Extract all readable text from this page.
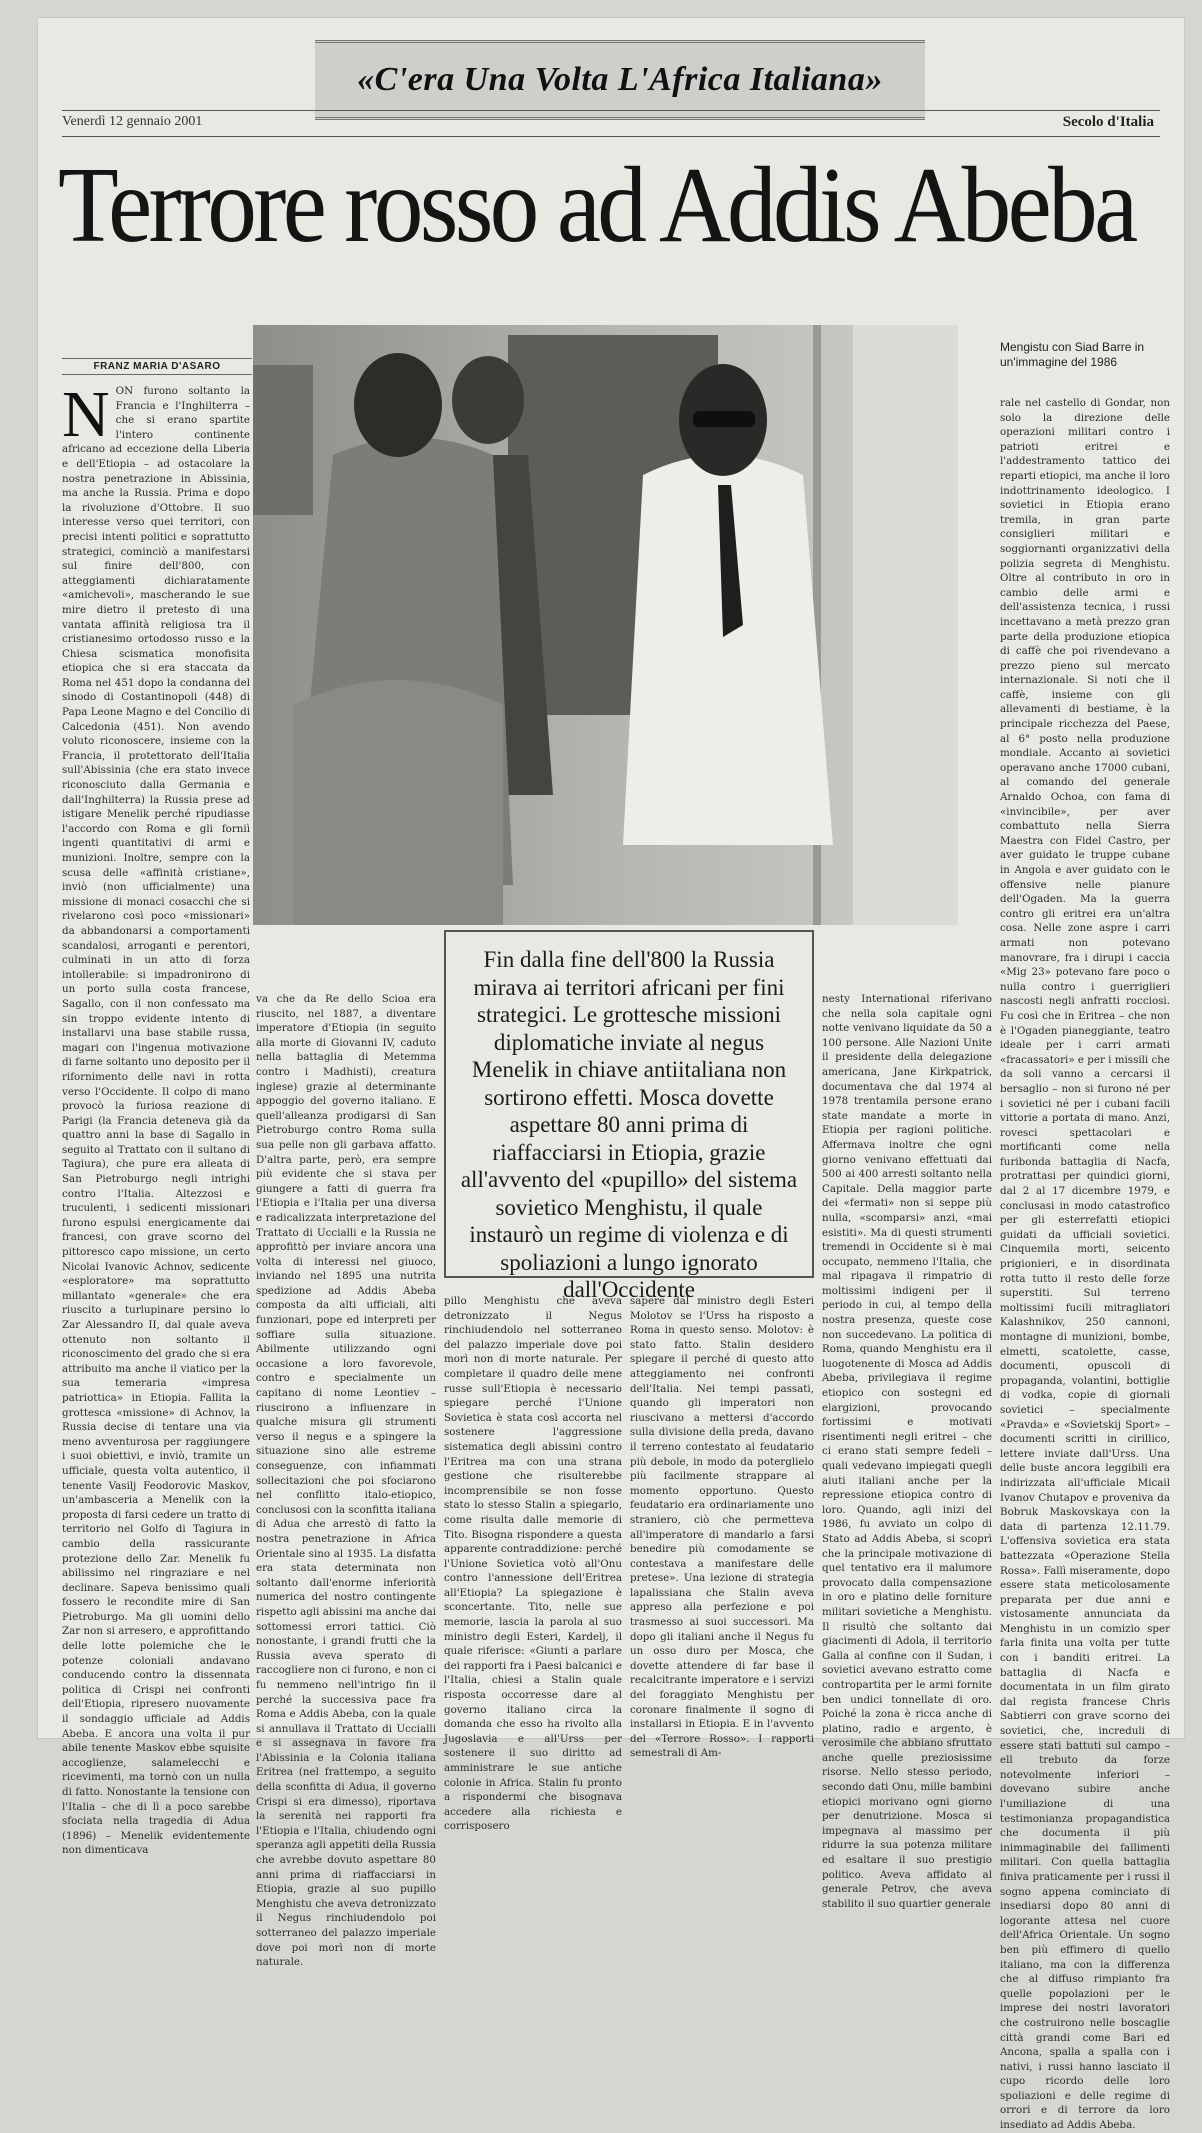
«C'era Una Volta L'Africa Italiana»
Venerdì 12 gennaio 2001	Secolo d'Italia
Terrore rosso ad Addis Abeba
Mengistu con Siad Barre in un'immagine del 1986
FRANZ MARIA D'ASARO
N ON furono soltanto la Francia e l'Inghilterra – che si erano spartite l'intero continente africano ad eccezione della Liberia e dell'Etiopia – ad ostacolare la nostra penetrazione in Abissinia, ma anche la Russia. Prima e dopo la rivoluzione d'Ottobre. Il suo interesse verso quei territori, con precisi intenti politici e soprattutto strategici, cominciò a manifestarsi sul finire dell'800, con atteggiamenti dichiaratamente «amichevoli», mascherando le sue mire dietro il pretesto di una vantata affinità religiosa tra il cristianesimo ortodosso russo e la Chiesa scismatica monofisita etiopica che si era staccata da Roma nel 451 dopo la condanna del sinodo di Costantinopoli (448) di Papa Leone Magno e del Concilio di Calcedonia (451). Non avendo voluto riconoscere, insieme con la Francia, il protettorato dell'Italia sull'Abissinia (che era stato invece riconosciuto dalla Germania e dall'Inghilterra) la Russia prese ad istigare Menelik perché ripudiasse l'accordo con Roma e gli forniì ingenti quantitativi di armi e munizioni. Inoltre, sempre con la scusa delle «affinità cristiane», inviò (non ufficialmente) una missione di monaci cosacchi che si rivelarono così poco «missionari» da abbandonarsi a comportamenti scandalosi, arroganti e perentori, culminati in un atto di forza intollerabile: si impadronirono di un porto sulla costa francese, Sagallo, con il non confessato ma sin troppo evidente intento di installarvi una base stabile russa, magari con l'ingenua motivazione di farne soltanto uno deposito per il rifornimento delle navi in rotta verso l'Occidente. Il colpo di mano provocò la furiosa reazione di Parigi (la Francia deteneva già da quattro anni la base di Sagallo in seguito al Trattato con il sultano di Tagiura), che pure era alleata di San Pietroburgo negli intrighi contro l'Italia. Altezzosi e truculenti, i sedicenti missionari furono espulsi energicamente dai francesi, con grave scorno del pittoresco capo missione, un certo Nicolai Ivanovic Achnov, sedicente «esploratore» ma soprattutto millantato «generale» che era riuscito a turlupinare persino lo Zar Alessandro II, dal quale aveva ottenuto non soltanto il riconoscimento del grado che si era attribuito ma anche il viatico per la sua temeraria «impresa patriottica» in Etiopia. Fallita la grottesca «missione» di Achnov, la Russia decise di tentare una via meno avventurosa per raggiungere i suoi obiettivi, e inviò, tramite un ufficiale, questa volta autentico, il tenente Vasilj Feodorovic Maskov, un'ambasceria a Menelik con la proposta di farsi cedere un tratto di territorio nel Golfo di Tagiura in cambio della rassicurante protezione dello Zar. Menelik fu abilissimo nel ringraziare e nel declinare. Sapeva benissimo quali fossero le recondite mire di San Pietroburgo. Ma gli uomini dello Zar non si arresero, e approfittando delle lotte polemiche che le potenze coloniali andavano conducendo contro la dissennata politica di Crispi nei confronti dell'Etiopia, ripresero nuovamente il sondaggio ufficiale ad Addis Abeba. E ancora una volta il pur abile tenente Maskov ebbe squisite accoglienze, salamelecchi e ricevimenti, ma tornò con un nulla di fatto. Nonostante la tensione con l'Italia – che di lì a poco sarebbe sfociata nella tragedia di Adua (1896) – Menelik evidentemente non dimenticava
va che da Re dello Scioa era riuscito, nel 1887, a diventare imperatore d'Etiopia (in seguito alla morte di Giovanni IV, caduto nella battaglia di Metemma contro i Madhisti), creatura inglese) grazie al determinante appoggio del governo italiano. E quell'alleanza prodigarsi di San Pietroburgo contro Roma sulla sua pelle non gli garbava affatto. D'altra parte, però, era sempre più evidente che si stava per giungere a fatti di guerra fra l'Etiopia e l'Italia per una diversa e radicalizzata interpretazione del Trattato di Uccialli e la Russia ne approfittò per inviare ancora una volta di interessi nel giuoco, inviando nel 1895 una nutrita spedizione ad Addis Abeba composta da alti ufficiali, alti funzionari, pope ed interpreti per soffiare sulla situazione. Abilmente utilizzando ogni occasione a loro favorevole, contro e specialmente un capitano di nome Leontiev – riuscirono a influenzare in qualche misura gli strumenti verso il negus e a spingere la situazione sino alle estreme conseguenze, con infiammati sollecitazioni che poi sfociarono nel conflitto italo-etiopico, conclusosi con la sconfitta italiana di Adua che arrestò di fatto la nostra penetrazione in Africa Orientale sino al 1935. La disfatta era stata determinata non soltanto dall'enorme inferiorità numerica del nostro contingente rispetto agli abissini ma anche dai sottomessi errori tattici. Ciò nonostante, i grandi frutti che la Russia aveva sperato di raccogliere non ci furono, e non ci fu nemmeno nell'intrigo fin il perché la successiva pace fra Roma e Addis Abeba, con la quale si annullava il Trattato di Uccialli e si assegnava in favore fra l'Abissinia e la Colonia italiana Eritrea (nel frattempo, a seguito della sconfitta di Adua, il governo Crispi si era dimesso), riportava la serenità nei rapporti fra l'Etiopia e l'Italia, chiudendo ogni speranza agli appetiti della Russia che avrebbe dovuto aspettare 80 anni prima di riaffacciarsi in Etiopia, grazie al suo pupillo Menghistu che aveva detronizzato il Negus rinchiudendolo poi sotterraneo del palazzo imperiale dove poi morì non di morte naturale.
Fin dalla fine dell'800 la Russia mirava ai territori africani per fini strategici. Le grottesche missioni diplomatiche inviate al negus Menelik in chiave antiitaliana non sortirono effetti. Mosca dovette aspettare 80 anni prima di riaffacciarsi in Etiopia, grazie all'avvento del «pupillo» del sistema sovietico Menghistu, il quale instaurò un regime di violenza e di spoliazioni a lungo ignorato dall'Occidente
pillo Menghistu che aveva detronizzato il Negus rinchiudendolo nel sotterraneo del palazzo imperiale dove poi morì non di morte naturale. Per completare il quadro delle mene russe sull'Etiopia è necessario spiegare perché l'Unione Sovietica è stata così accorta nel sostenere l'aggressione sistematica degli abissini contro l'Eritrea ma con una strana gestione che risulterebbe incomprensibile se non fosse stato lo stesso Stalin a spiegarlo, come risulta dalle memorie di Tito. Bisogna rispondere a questa apparente contraddizione: perché l'Unione Sovietica votò all'Onu contro l'annessione dell'Eritrea all'Etiopia? La spiegazione è sconcertante. Tito, nelle sue memorie, lascia la parola al suo ministro degli Esteri, Kardelj, il quale riferisce: «Giunti a parlare dei rapporti fra i Paesi balcanici e l'Italia, chiesi a Stalin quale risposta occorresse dare al governo italiano circa la domanda che esso ha rivolto alla Jugoslavia e all'Urss per sostenere il suo diritto ad amministrare le sue antiche colonie in Africa. Stalin fu pronto a rispondermi che bisognava accedere alla richiesta e corrisposero
sapere dal ministro degli Esteri Molotov se l'Urss ha risposto a Roma in questo senso. Molotov: è stato fatto. Stalin desidero spiegare il perché di questo atto atteggiamento nei confronti dell'Italia. Nei tempi passati, quando gli imperatori non riuscivano a mettersi d'accordo sulla divisione della preda, davano il terreno contestato al feudatario più debole, in modo da poterglielo più facilmente strappare al momento opportuno. Questo feudatario era ordinariamente uno straniero, ciò che permetteva all'imperatore di mandarlo a farsi benedire più comodamente se contestava a manifestare delle pretese». Una lezione di strategia lapalissiana che Stalin aveva appreso alla perfezione e poi trasmesso ai suoi successori. Ma dopo gli italiani anche il Negus fu un osso duro per Mosca, che dovette attendere di far base il recalcitrante imperatore e i servizi del foraggiato Menghistu per coronare finalmente il sogno di installarsi in Etiopia. E in l'avvento del «Terrore Rosso». I rapporti semestrali di Am-
nesty International riferivano che nella sola capitale ogni notte venivano liquidate da 50 a 100 persone. Alle Nazioni Unite il presidente della delegazione americana, Jane Kirkpatrick, documentava che dal 1974 al 1978 trentamila persone erano state mandate a morte in Etiopia per ragioni politiche. Affermava inoltre che ogni giorno venivano effettuati dai 500 ai 400 arresti soltanto nella Capitale. Della maggior parte dei «fermati» non si seppe più nulla, «scomparsi» anzi, «mai esistiti». Ma di questi strumenti tremendi in Occidente si è mai occupato, nemmeno l'Italia, che mal ripagava il rimpatrio di moltissimi indigeni per il periodo in cui, al tempo della nostra presenza, queste cose non succedevano. La politica di Roma, quando Menghistu era il luogotenente di Mosca ad Addis Abeba, privilegiava il regime etiopico con sostegni ed elargizioni, provocando fortissimi e motivati risentimenti negli eritrei – che ci erano stati sempre fedeli – quali vedevano impiegati quegli aiuti italiani anche per la repressione etiopica contro di loro. Quando, agli inizi del 1986, fu avviato un colpo di Stato ad Addis Abeba, si scoprì che la principale motivazione di quel tentativo era il malumore provocato dalla compensazione in oro e platino delle forniture militari sovietiche a Menghistu. Il risultò che soltanto dai giacimenti di Adola, il territorio Galla al confine con il Sudan, i sovietici avevano estratto come contropartita per le armi fornite ben undici tonnellate di oro. Poiché la zona è ricca anche di platino, radio e argento, è verosimile che abbiano sfruttato anche quelle preziosissime risorse. Nello stesso periodo, secondo dati Onu, mille bambini etiopici morivano ogni giorno per denutrizione. Mosca si impegnava al massimo per ridurre la sua potenza militare ed esaltare il suo prestigio politico. Aveva affidato al generale Petrov, che aveva stabilito il suo quartier generale
rale nel castello di Gondar, non solo la direzione delle operazioni militari contro i patrioti eritrei e l'addestramento tattico dei reparti etiopici, ma anche il loro indottrinamento ideologico. I sovietici in Etiopia erano tremila, in gran parte consiglieri militari e soggiornanti organizzativi della polizia segreta di Menghistu. Oltre al contributo in oro in cambio delle armi e dell'assistenza tecnica, i russi incettavano a metà prezzo gran parte della produzione etiopica di caffè che poi rivendevano a prezzo pieno sul mercato internazionale. Si noti che il caffè, insieme con gli allevamenti di bestiame, è la principale ricchezza del Paese, al 6° posto nella produzione mondiale. Accanto ai sovietici operavano anche 17000 cubani, al comando del generale Arnaldo Ochoa, con fama di «invincibile», per aver combattuto nella Sierra Maestra con Fidel Castro, per aver guidato le truppe cubane in Angola e aver guidato con le offensive nelle pianure dell'Ogaden. Ma la guerra contro gli eritrei era un'altra cosa. Nelle zone aspre i carri armati non potevano manovrare, fra i dirupi i caccia «Mig 23» potevano fare poco o nulla contro i guerriglieri nascosti negli anfratti rocciosi. Fu così che in Eritrea – che non è l'Ogaden pianeggiante, teatro ideale per i carri armati «fracassatori» e per i missili che da soli vanno a cercarsi il bersaglio – non si furono né per i sovietici né per i cubani facili vittorie a portata di mano. Anzi, rovesci spettacolari e mortificanti come nella furibonda battaglia di Nacfa, protrattasi per quindici giorni, dal 2 al 17 dicembre 1979, e conclusasi in modo catastrofico per gli esterrefatti etiopici guidati da ufficiali sovietici. Cinquemila morti, seicento prigionieri, e in disordinata rotta tutto il resto delle forze superstiti. Sul terreno moltissimi fucili mitragliatori Kalashnikov, 250 cannoni, montagne di munizioni, bombe, elmetti, scatolette, casse, documenti, opuscoli di propaganda, volantini, bottiglie di vodka, copie di giornali sovietici – specialmente «Pravda» e «Sovietskij Sport» – documenti scritti in cirillico, lettere inviate dall'Urss. Una delle buste ancora leggibili era indirizzata all'ufficiale Micail Ivanov Chutapov e proveniva da Bobruk Maskovskaya con la data di partenza 12.11.79. L'offensiva sovietica era stata battezzata «Operazione Stella Rossa». Fallì miseramente, dopo essere stata meticolosamente preparata per due anni e vistosamente annunciata da Menghistu in un comizio sper farla finita una volta per tutte con i banditi eritrei. La battaglia di Nacfa e documentata in un film girato dal regista francese Chris Sabtierrі con grave scorno dei sovietici, che, increduli di essere stati battuti sul campo – ell trebuto da forze notevolmente inferiori – dovevano subire anche l'umiliazione di una testimonianza propagandistica che documenta il più inimmaginabile dei fallimenti militari. Con quella battaglia finiva praticamente per i russi il sogno appena cominciato di insediarsi dopo 80 anni di logorante attesa nel cuore dell'Africa Orientale. Un sogno ben più effimero di quello italiano, ma con la differenza che al diffuso rimpianto fra quelle popolazioni per le imprese dei nostri lavoratori che costruirono nelle boscaglie città grandi come Bari ed Ancona, spalla a spalla con i nativi, i russi hanno lasciato il cupo ricordo delle loro spoliazioni e delle regime di orrori e di terrore da loro insediato ad Addis Abeba.
